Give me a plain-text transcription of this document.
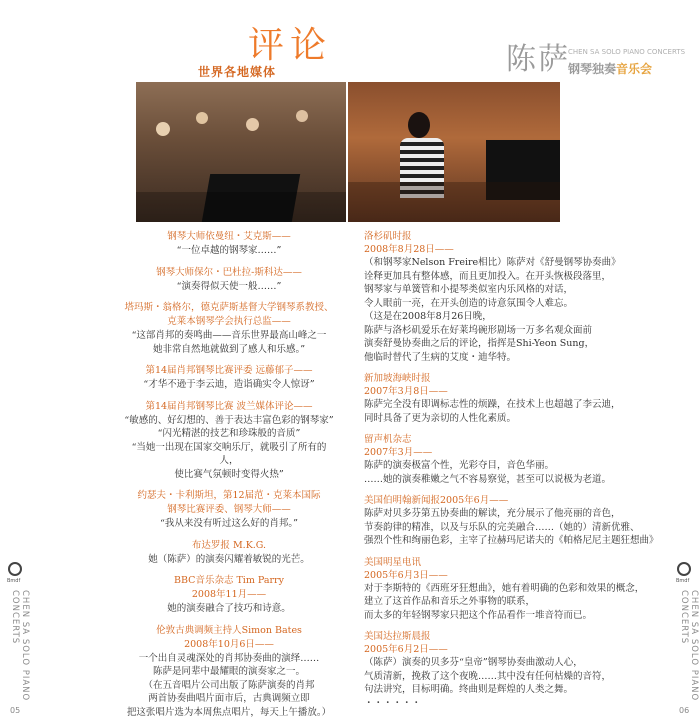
评论
世界各地媒体	陈萨
CHEN SA SOLO PIANO CONCERTS
钢琴独奏音乐会
钢琴大师依曼纽・艾克斯——
“一位卓越的钢琴家……”
钢琴大师保尔・巴杜拉-斯科达——
“演奏得似天使一般……”
塔玛斯・翁格尔，德克萨斯基督大学钢琴系教授、
克莱本钢琴学会执行总监——
“这部肖邦的奏鸣曲——音乐世界最高山峰之一
她非常自然地就做到了感人和乐感。”
第14届肖邦钢琴比赛评委 远藤郁子——
“才华不逊于李云迪，造诣确实令人惊讶”
第14届肖邦钢琴比赛 波兰媒体评论——
“敏感的、好幻想的、善于表达丰富色彩的钢琴家”
“闪光精湛的技艺和珍珠般的音质”
“当她一出现在国家交响乐厅，就吸引了所有的人，
使比赛气氛顿时变得火热”
约瑟夫・卡利斯坦，第12届范・克莱本国际
钢琴比赛评委、钢琴大师——
“我从来没有听过这么好的肖邦。”
布达罗报 M.K.G.
她（陈萨）的演奏闪耀着敏锐的光芒。
BBC音乐杂志 Tim Parry
2008年11月——
她的演奏融合了技巧和诗意。
伦敦古典调频主持人Simon Bates
2008年10月6日——
一个出自灵魂深处的肖邦协奏曲的演绎……
陈萨是同辈中最耀眼的演奏家之一。
（在五音唱片公司出版了陈萨演奏的肖邦
两首协奏曲唱片面市后，古典调频立即
把这张唱片选为本周焦点唱片，每天上午播放。）
洛杉矶时报
2008年8月28日——
（和钢琴家Nelson Freire相比）陈萨对《舒曼钢琴协奏曲》
诠释更加具有整体感，而且更加投入。在开头恢极段落里，
钢琴家与单簧管和小提琴类似室内乐风格的对话，
令人眼前一亮，在开头创造的诗意氛围令人难忘。
（这是在2008年8月26日晚，
陈萨与洛杉矶爱乐在好莱坞碗形剧场一万多名观众面前
演奏舒曼协奏曲之后的评论，指挥是Shi-Yeon Sung，
他临时替代了生病的艾度・迪华特。
新加坡海峡时报
2007年3月8日——
陈萨完全没有即调标志性的烦躁，在技术上也超越了李云迪，
同时具备了更为亲切的人性化素质。
留声机杂志
2007年3月——
陈萨的演奏极富个性，光彩夺目，音色华丽。
……她的演奏稚嫩之气不容易察觉，甚至可以说极为老道。
美国伯明翰新闻报2005年6月——
陈萨对贝多芬第五协奏曲的解读，充分展示了他亮丽的音色，
节奏韵律的精准，以及与乐队的完美融合……（她的）清新优雅、
强烈个性和绚丽色彩，主宰了拉赫玛尼诺夫的《帕格尼尼主题狂想曲》
美国明星电讯
2005年6月3日——
对于李斯特的《西班牙狂想曲》，她有着明确的色彩和效果的概念，
建立了这首作品和音乐之外事物的联系，
而太多的年轻钢琴家只把这个作品看作一堆音符而已。
美国达拉斯晨报
2005年6月2日——
（陈萨）演奏的贝多芬“皇帝”钢琴协奏曲激动人心，
气质清新，挽救了这个夜晚……其中没有任何枯燥的音符，
句法讲究，目标明确。终曲则是辉煌的人类之舞。
・・・・・・
Bmdf
CHEN SA SOLO PIANO CONCERTS
05
Bmdf
CHEN SA SOLO PIANO CONCERTS
06
